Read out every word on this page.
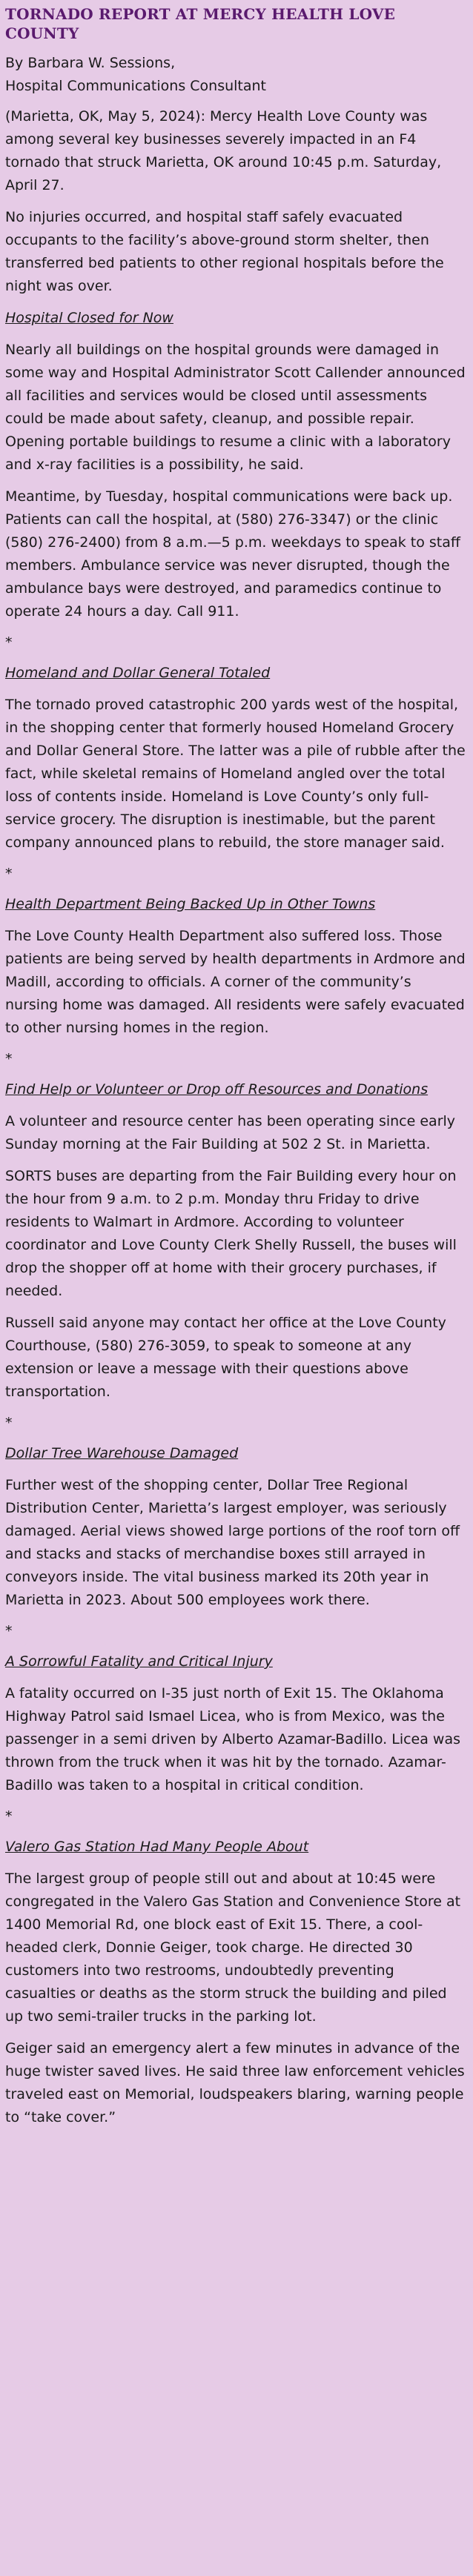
TORNADO REPORT AT MERCY HEALTH LOVE COUNTY
By Barbara W. Sessions,
Hospital Communications Consultant

(Marietta, OK, May 5, 2024): Mercy Health Love County was among several key businesses severely impacted in an F4 tornado that struck Marietta, OK around 10:45 p.m. Saturday, April 27.

No injuries occurred, and hospital staff safely evacuated occupants to the facility’s above-ground storm shelter, then transferred bed patients to other regional hospitals before the night was over.

Hospital Closed for Now

Nearly all buildings on the hospital grounds were damaged in some way and Hospital Administrator Scott Callender announced all facilities and services would be closed until assessments could be made about safety, cleanup, and possible repair. Opening portable buildings to resume a clinic with a laboratory and x-ray facilities is a possibility, he said.

Meantime, by Tuesday, hospital communications were back up. Patients can call the hospital, at (580) 276-3347) or the clinic (580) 276-2400) from 8 a.m.—5 p.m. weekdays to speak to staff members. Ambulance service was never disrupted, though the ambulance bays were destroyed, and paramedics continue to operate 24 hours a day. Call 911.

*
Homeland and Dollar General Totaled

The tornado proved catastrophic 200 yards west of the hospital, in the shopping center that formerly housed Homeland Grocery and Dollar General Store. The latter was a pile of rubble after the fact, while skeletal remains of Homeland angled over the total loss of contents inside. Homeland is Love County’s only full-service grocery. The disruption is inestimable, but the parent company announced plans to rebuild, the store manager said.

*
Health Department Being Backed Up in Other Towns

The Love County Health Department also suffered loss. Those patients are being served by health departments in Ardmore and Madill, according to officials. A corner of the community’s nursing home was damaged. All residents were safely evacuated to other nursing homes in the region.

*
Find Help or Volunteer or Drop off Resources and Donations

A volunteer and resource center has been operating since early Sunday morning at the Fair Building at 502 2 St. in Marietta.

SORTS buses are departing from the Fair Building every hour on the hour from 9 a.m. to 2 p.m. Monday thru Friday to drive residents to Walmart in Ardmore. According to volunteer coordinator and Love County Clerk Shelly Russell, the buses will drop the shopper off at home with their grocery purchases, if needed.

Russell said anyone may contact her office at the Love County Courthouse, (580) 276-3059, to speak to someone at any extension or leave a message with their questions above transportation.

*
Dollar Tree Warehouse Damaged

Further west of the shopping center, Dollar Tree Regional Distribution Center, Marietta’s largest employer, was seriously damaged. Aerial views showed large portions of the roof torn off and stacks and stacks of merchandise boxes still arrayed in conveyors inside. The vital business marked its 20th year in Marietta in 2023. About 500 employees work there.

*
A Sorrowful Fatality and Critical Injury

A fatality occurred on I-35 just north of Exit 15. The Oklahoma Highway Patrol said Ismael Licea, who is from Mexico, was the passenger in a semi driven by Alberto Azamar-Badillo. Licea was thrown from the truck when it was hit by the tornado. Azamar-Badillo was taken to a hospital in critical condition.

*
Valero Gas Station Had Many People About

The largest group of people still out and about at 10:45 were congregated in the Valero Gas Station and Convenience Store at 1400 Memorial Rd, one block east of Exit 15. There, a cool-headed clerk, Donnie Geiger, took charge. He directed 30 customers into two restrooms, undoubtedly preventing casualties or deaths as the storm struck the building and piled up two semi-trailer trucks in the parking lot.

Geiger said an emergency alert a few minutes in advance of the huge twister saved lives. He said three law enforcement vehicles traveled east on Memorial, loudspeakers blaring, warning people to “take cover.”
